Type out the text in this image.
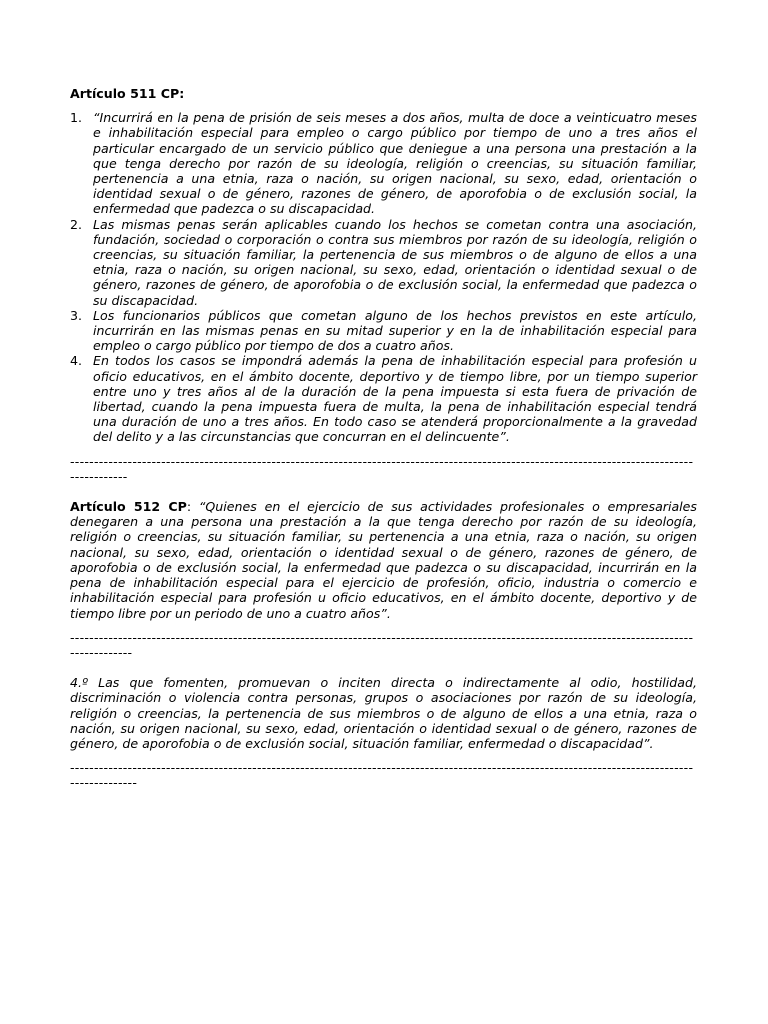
Artículo 511 CP:
1. “Incurrirá en la pena de prisión de seis meses a dos años, multa de doce a veinticuatro meses e inhabilitación especial para empleo o cargo público por tiempo de uno a tres años el particular encargado de un servicio público que deniegue a una persona una prestación a la que tenga derecho por razón de su ideología, religión o creencias, su situación familiar, pertenencia a una etnia, raza o nación, su origen nacional, su sexo, edad, orientación o identidad sexual o de género, razones de género, de aporofobia o de exclusión social, la enfermedad que padezca o su discapacidad.
2. Las mismas penas serán aplicables cuando los hechos se cometan contra una asociación, fundación, sociedad o corporación o contra sus miembros por razón de su ideología, religión o creencias, su situación familiar, la pertenencia de sus miembros o de alguno de ellos a una etnia, raza o nación, su origen nacional, su sexo, edad, orientación o identidad sexual o de género, razones de género, de aporofobia o de exclusión social, la enfermedad que padezca o su discapacidad.
3. Los funcionarios públicos que cometan alguno de los hechos previstos en este artículo, incurrirán en las mismas penas en su mitad superior y en la de inhabilitación especial para empleo o cargo público por tiempo de dos a cuatro años.
4. En todos los casos se impondrá además la pena de inhabilitación especial para profesión u oficio educativos, en el ámbito docente, deportivo y de tiempo libre, por un tiempo superior entre uno y tres años al de la duración de la pena impuesta si esta fuera de privación de libertad, cuando la pena impuesta fuera de multa, la pena de inhabilitación especial tendrá una duración de uno a tres años. En todo caso se atenderá proporcionalmente a la gravedad del delito y a las circunstancias que concurran en el delincuente”.
----------------------------------------------------------------------------------------------------------------------------------------------
Artículo 512 CP: “Quienes en el ejercicio de sus actividades profesionales o empresariales denegaren a una persona una prestación a la que tenga derecho por razón de su ideología, religión o creencias, su situación familiar, su pertenencia a una etnia, raza o nación, su origen nacional, su sexo, edad, orientación o identidad sexual o de género, razones de género, de aporofobia o de exclusión social, la enfermedad que padezca o su discapacidad, incurrirán en la pena de inhabilitación especial para el ejercicio de profesión, oficio, industria o comercio e inhabilitación especial para profesión u oficio educativos, en el ámbito docente, deportivo y de tiempo libre por un periodo de uno a cuatro años”.
-----------------------------------------------------------------------------------------------------------------------------------------------
4.º Las que fomenten, promuevan o inciten directa o indirectamente al odio, hostilidad, discriminación o violencia contra personas, grupos o asociaciones por razón de su ideología, religión o creencias, la pertenencia de sus miembros o de alguno de ellos a una etnia, raza o nación, su origen nacional, su sexo, edad, orientación o identidad sexual o de género, razones de género, de aporofobia o de exclusión social, situación familiar, enfermedad o discapacidad”.
------------------------------------------------------------------------------------------------------------------------------------------------
